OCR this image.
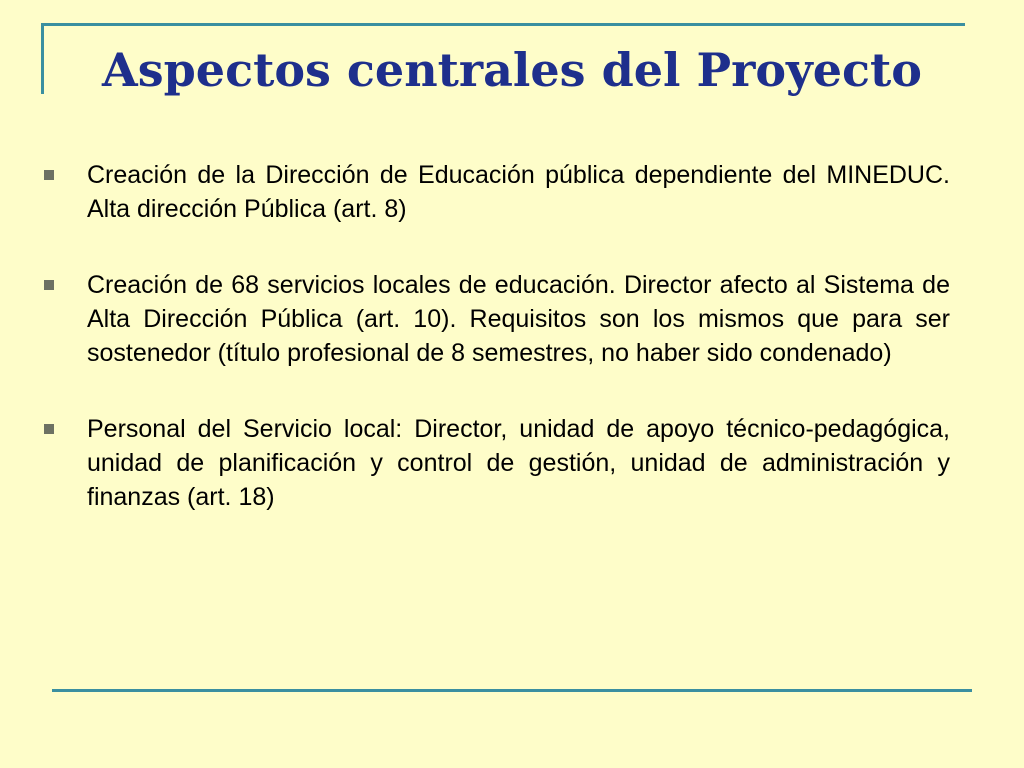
Aspectos centrales del Proyecto
Creación de la Dirección de Educación pública dependiente del MINEDUC. Alta dirección Pública (art. 8)
Creación de 68 servicios locales de educación. Director afecto al Sistema de Alta Dirección Pública (art. 10). Requisitos son los mismos que para ser sostenedor (título profesional de 8 semestres, no haber sido condenado)
Personal del Servicio local: Director, unidad de apoyo técnico-pedagógica, unidad de planificación y control de gestión, unidad de administración y finanzas (art. 18)
